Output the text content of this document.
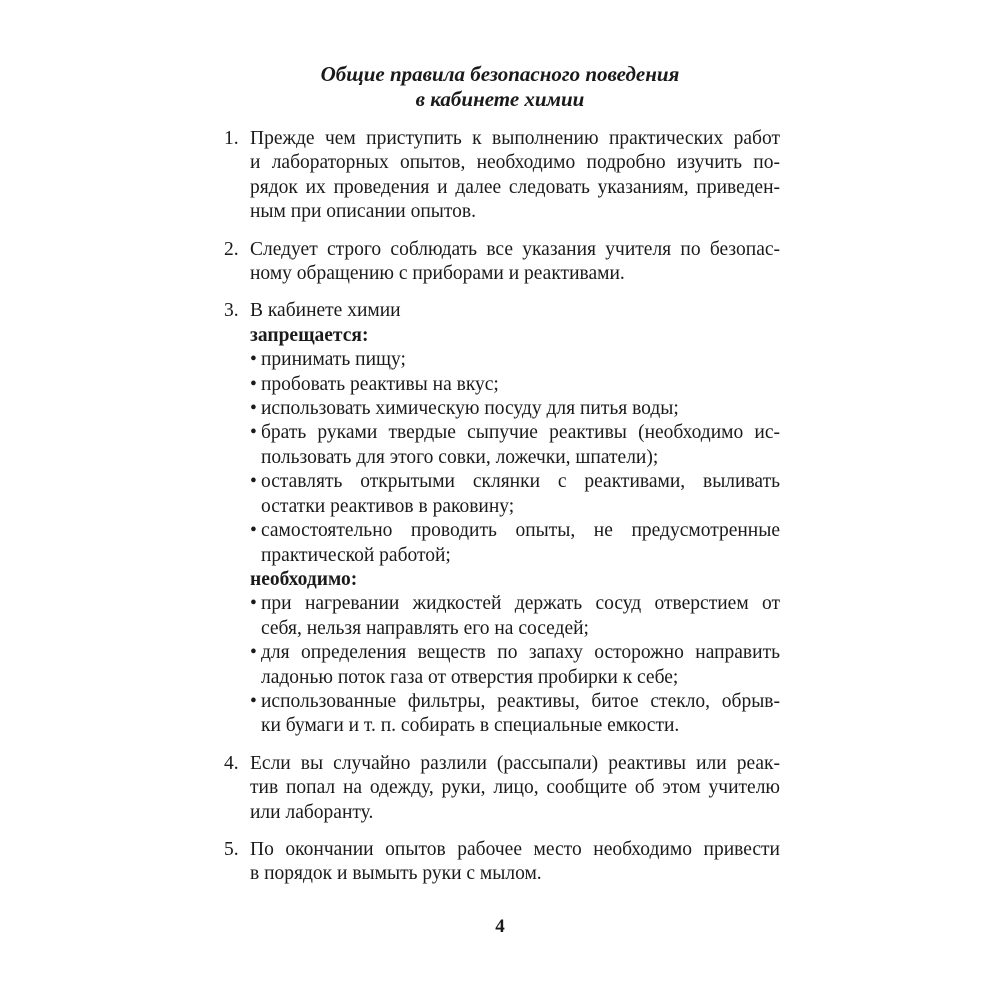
Общие правила безопасного поведения
в кабинете химии
1. Прежде чем приступить к выполнению практических работ
и лабораторных опытов, необходимо подробно изучить по-
рядок их проведения и далее следовать указаниям, приведен-
ным при описании опытов.
2. Следует строго соблюдать все указания учителя по безопас-
ному обращению с приборами и реактивами.
3. В кабинете химии
запрещается:
• принимать пищу;
• пробовать реактивы на вкус;
• использовать химическую посуду для питья воды;
• брать руками твердые сыпучие реактивы (необходимо ис-
пользовать для этого совки, ложечки, шпатели);
• оставлять открытыми склянки с реактивами, выливать
остатки реактивов в раковину;
• самостоятельно проводить опыты, не предусмотренные
практической работой;
необходимо:
• при нагревании жидкостей держать сосуд отверстием от
себя, нельзя направлять его на соседей;
• для определения веществ по запаху осторожно направить
ладонью поток газа от отверстия пробирки к себе;
• использованные фильтры, реактивы, битое стекло, обрыв-
ки бумаги и т. п. собирать в специальные емкости.
4. Если вы случайно разлили (рассыпали) реактивы или реак-
тив попал на одежду, руки, лицо, сообщите об этом учителю
или лаборанту.
5. По окончании опытов рабочее место необходимо привести
в порядок и вымыть руки с мылом.
4
